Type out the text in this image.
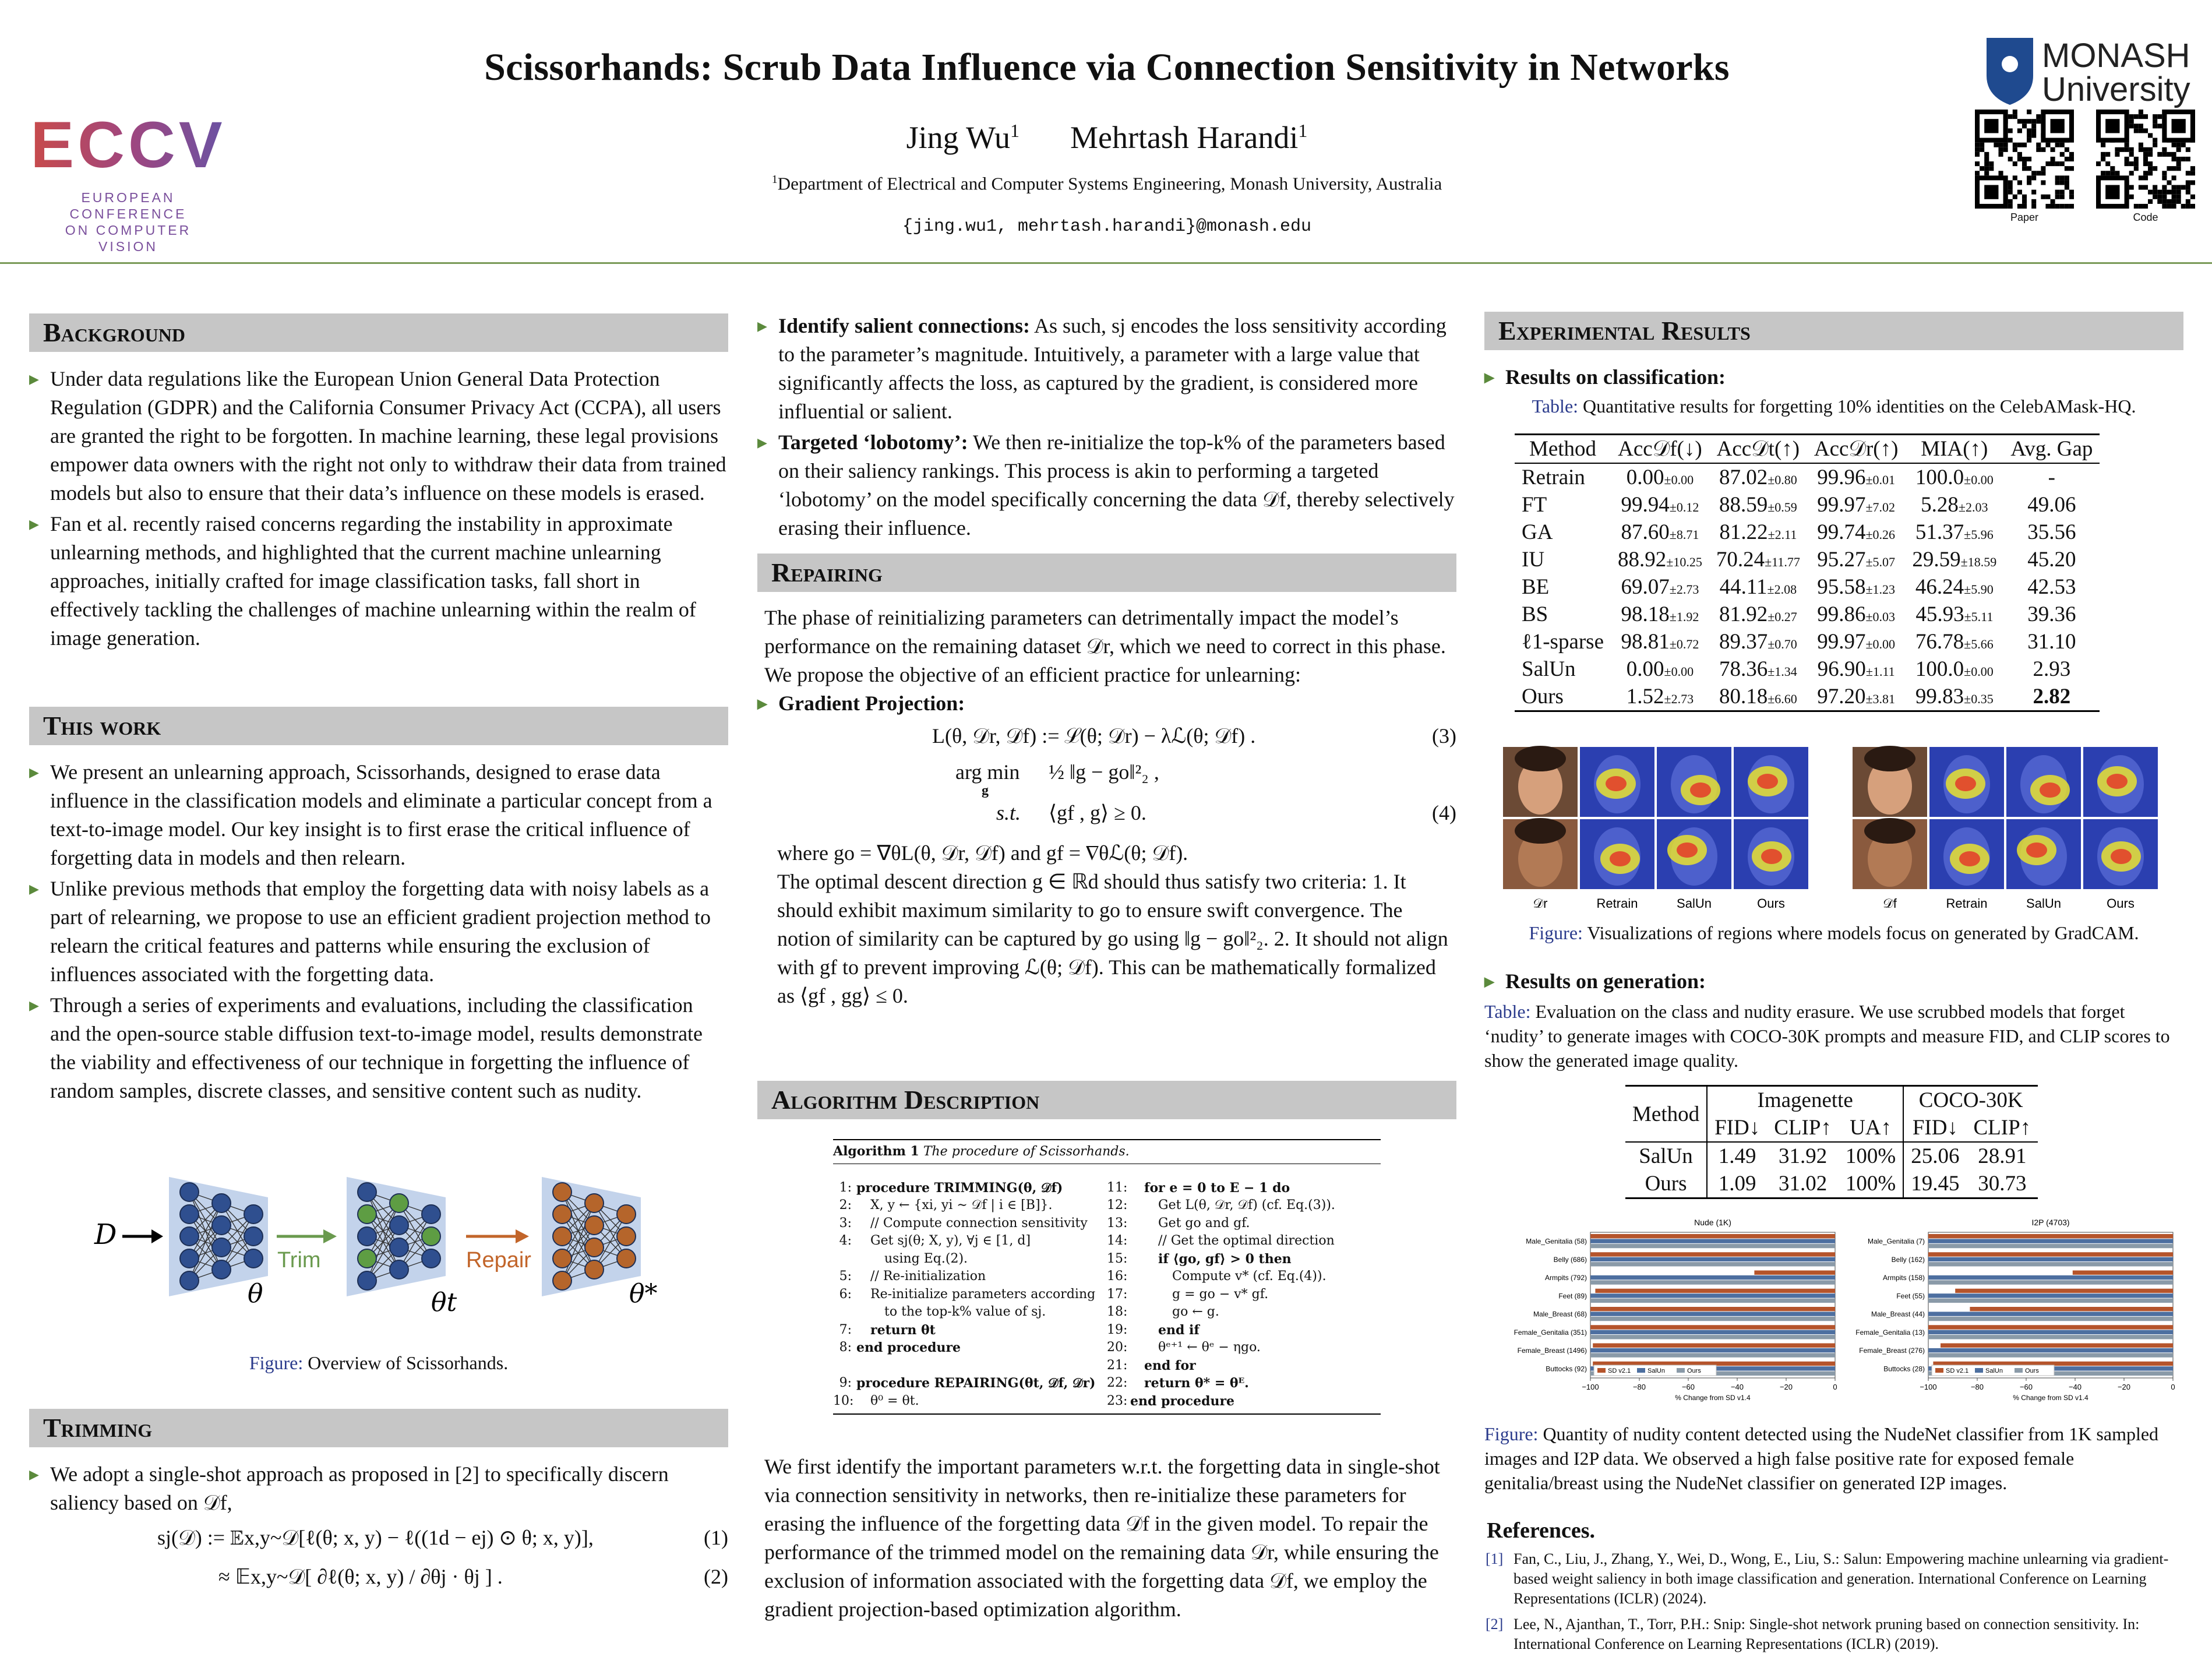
ECCV
EUROPEAN
CONFERENCE
ON COMPUTER
VISION
Scissorhands: Scrub Data Influence via Connection Sensitivity in Networks
Jing Wu$^1$ Mehrtash Harandi$^1$
$^1$Department of Electrical and Computer Systems Engineering, Monash University, Australia
{jing.wu1, mehrtash.harandi}@monash.edu
MONASH
University
Paper	Code
Background
▶ Under data regulations like the European Union General Data Protection Regulation (GDPR) and the California Consumer Privacy Act (CCPA), all users are granted the right to be forgotten. In machine learning, these legal provisions empower data owners with the right not only to withdraw their data from trained models but also to ensure that their data’s influence on these models is erased.
▶ Fan et al. recently raised concerns regarding the instability in approximate unlearning methods, and highlighted that the current machine unlearning approaches, initially crafted for image classification tasks, fall short in effectively tackling the challenges of machine unlearning within the realm of image generation.
This work
▶ We present an unlearning approach, Scissorhands, designed to erase data influence in the classification models and eliminate a particular concept from a text-to-image model. Our key insight is to first erase the critical influence of forgetting data in models and then relearn.
▶ Unlike previous methods that employ the forgetting data with noisy labels as a part of relearning, we propose to use an efficient gradient projection method to relearn the critical features and patterns while ensuring the exclusion of influences associated with the forgetting data.
▶ Through a series of experiments and evaluations, including the classification and the open-source stable diffusion text-to-image model, results demonstrate the viability and effectiveness of our technique in forgetting the influence of random samples, discrete classes, and sensitive content such as nudity.
D
Trim	Repair
θ	θt	θ*
Figure: Overview of Scissorhands.
Trimming
▶ We adopt a single-shot approach as proposed in [2] to specifically discern saliency based on 𝒟f,
sj(𝒟) := 𝔼x,y~𝒟[ℓ(θ; x, y) − ℓ((1d − ej) ⊙ θ; x, y)],	(1)
≈ 𝔼x,y~𝒟[ ∂ℓ(θ; x, y) / ∂θj · θj ] .	(2)
▶ Identify salient connections: As such, sj encodes the loss sensitivity according to the parameter’s magnitude. Intuitively, a parameter with a large value that significantly affects the loss, as captured by the gradient, is considered more influential or salient.
▶ Targeted ‘lobotomy’: We then re-initialize the top-k% of the parameters based on their saliency rankings. This process is akin to performing a targeted ‘lobotomy’ on the model specifically concerning the data 𝒟f, thereby selectively erasing their influence.
Repairing
The phase of reinitializing parameters can detrimentally impact the model’s performance on the remaining dataset 𝒟r, which we need to correct in this phase. We propose the objective of an efficient practice for unlearning:
▶ Gradient Projection:
L(θ, 𝒟r, 𝒟f) := ℒ(θ; 𝒟r) − λℒ(θ; 𝒟f) .	(3)
arg min
g
½ ‖g − go‖²₂ ,
s.t. ⟨gf , g⟩ ≥ 0.	(4)
where go = ∇θL(θ, 𝒟r, 𝒟f) and gf = ∇θℒ(θ; 𝒟f).
The optimal descent direction g ∈ ℝd should thus satisfy two criteria: 1. It should exhibit maximum similarity to go to ensure swift convergence. The notion of similarity can be captured by go using ‖g − go‖²₂. 2. It should not align with gf to prevent improving ℒ(θ; 𝒟f). This can be mathematically formalized as ⟨gf , gg⟩ ≤ 0.
Algorithm Description
Algorithm 1 The procedure of Scissorhands.
1: procedure TRIMMING(θ, 𝒟f)
2:	X, y ← {xi, yi ∼ 𝒟f | i ∈ [B]}.
3:	// Compute connection sensitivity
4:	Get sj(θ; X, y), ∀j ∈ [1, d]
using Eq.(2).
5:	// Re-initialization
6:	Re-initialize parameters according
to the top-k% value of sj.
7:	return θt
8: end procedure
9: procedure REPAIRING(θt, 𝒟f, 𝒟r)
10:	θ⁰ = θt.
11:	for e = 0 to E − 1 do
12:	Get L(θ, 𝒟r, 𝒟f) (cf. Eq.(3)).
13:	Get go and gf.
14:	// Get the optimal direction
15:	if ⟨go, gf⟩ > 0 then
16:	Compute v* (cf. Eq.(4)).
17:	g = go − v* gf.
18:	go ← g.
19:	end if
20:	θᵉ⁺¹ ← θᵉ − ηgo.
21:	end for
22:	return θ* = θᴱ.
23: end procedure
We first identify the important parameters w.r.t. the forgetting data in single-shot via connection sensitivity in networks, then re-initialize these parameters for erasing the influence of the forgetting data 𝒟f in the given model. To repair the performance of the trimmed model on the remaining data 𝒟r, while ensuring the exclusion of information associated with the forgetting data 𝒟f, we employ the gradient projection-based optimization algorithm.
Experimental Results
▶ Results on classification:
Table: Quantitative results for forgetting 10% identities on the CelebAMask-HQ.
Method	Acc𝒟f(↓)	Acc𝒟t(↑)	Acc𝒟r(↑)	MIA(↑)	Avg. Gap
Retrain	0.00±0.00	87.02±0.80	99.96±0.01	100.0±0.00	-
FT	99.94±0.12	88.59±0.59	99.97±7.02	5.28±2.03	49.06
GA	87.60±8.71	81.22±2.11	99.74±0.26	51.37±5.96	35.56
IU	88.92±10.25	70.24±11.77	95.27±5.07	29.59±18.59	45.20
BE	69.07±2.73	44.11±2.08	95.58±1.23	46.24±5.90	42.53
BS	98.18±1.92	81.92±0.27	99.86±0.03	45.93±5.11	39.36
ℓ1-sparse	98.81±0.72	89.37±0.70	99.97±0.00	76.78±5.66	31.10
SalUn	0.00±0.00	78.36±1.34	96.90±1.11	100.0±0.00	2.93
Ours	1.52±2.73	80.18±6.60	97.20±3.81	99.83±0.35	2.82
𝒟r	Retrain	SalUn	Ours	𝒟f	Retrain	SalUn	Ours
Figure: Visualizations of regions where models focus on generated by GradCAM.
▶ Results on generation:
Table: Evaluation on the class and nudity erasure. We use scrubbed models that forget ‘nudity’ to generate images with COCO-30K prompts and measure FID, and CLIP scores to show the generated image quality.
Method	Imagenette			COCO-30K	
	FID↓	CLIP↑	UA↑	FID↓	CLIP↑
SalUn	1.49	31.92	100%	25.06	28.91
Ours	1.09	31.02	100%	19.45	30.73
Nude (1K)
−100	−80	−60	−40	−20	0
% Change from SD v1.4
Male_Genitalia (58)
Belly (686)
Armpits (792)
Feet (89)
Male_Breast (68)
Female_Genitalia (351)
Female_Breast (1496)
Buttocks (92)	SD v2.1	SalUn	Ours
I2P (4703)
−100	−80	−60	−40	−20	0
% Change from SD v1.4
Male_Genitalia (7)
Belly (162)
Armpits (158)
Feet (55)
Male_Breast (44)
Female_Genitalia (13)
Female_Breast (276)
Buttocks (28)	SD v2.1	SalUn	Ours
Figure: Quantity of nudity content detected using the NudeNet classifier from 1K sampled images and I2P data. We observed a high false positive rate for exposed female genitalia/breast using the NudeNet classifier on generated I2P images.
References.
[1] Fan, C., Liu, J., Zhang, Y., Wei, D., Wong, E., Liu, S.: Salun: Empowering machine unlearning via gradient-based weight saliency in both image classification and generation. International Conference on Learning Representations (ICLR) (2024).
[2] Lee, N., Ajanthan, T., Torr, P.H.: Snip: Single-shot network pruning based on connection sensitivity. In: International Conference on Learning Representations (ICLR) (2019).
